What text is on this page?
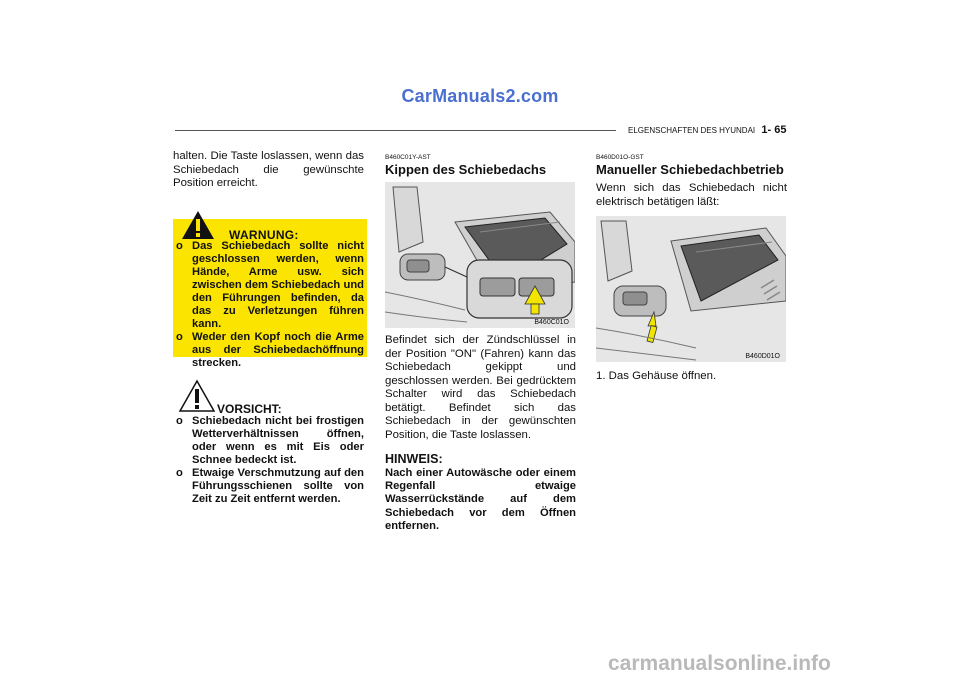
CarManuals2.com
ELGENSCHAFTEN DES HYUNDAI 1- 65

halten. Die Taste loslassen, wenn das Schiebedach die gewünschte Position erreicht.

WARNUNG:
o Das Schiebedach sollte nicht geschlossen werden, wenn Hände, Arme usw. sich zwischen dem Schiebedach und den Führungen befinden, da das zu Verletzungen führen kann.
o Weder den Kopf noch die Arme aus der Schiebedachöffnung strecken.
VORSICHT:
o Schiebedach nicht bei frostigen Wetterverhältnissen öffnen, oder wenn es mit Eis oder Schnee bedeckt ist.
o Etwaige Verschmutzung auf den Führungsschienen sollte von Zeit zu Zeit entfernt werden.
B460C01Y-AST
Kippen des Schiebedachs
B460C01O

Befindet sich der Zündschlüssel in der Position "ON" (Fahren) kann das Schiebedach gekippt und geschlossen werden. Bei gedrücktem Schalter wird das Schiebedach betätigt. Befindet sich das Schiebedach in der gewünschten Position, die Taste loslassen.

HINWEIS:

Nach einer Autowäsche oder einem Regenfall etwaige Wasserrückstände auf dem Schiebedach vor dem Öffnen entfernen.

B460D01O-GST
Manueller Schiebedachbetrieb

Wenn sich das Schiebedach nicht elektrisch betätigen läßt:

B460D01O

1. Das Gehäuse öffnen.

carmanualsonline.info
